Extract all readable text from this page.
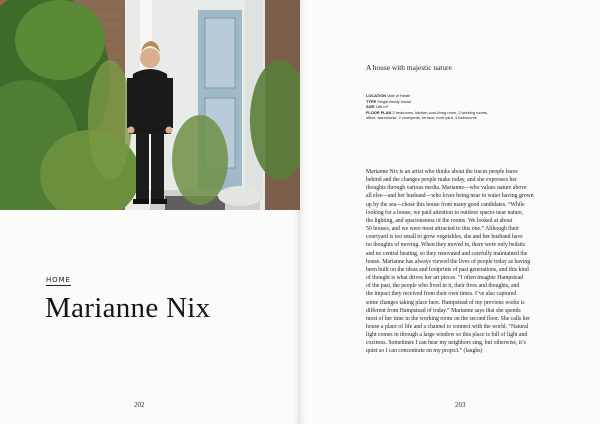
HOME
Marianne Nix
202
A house with majestic nature
LOCATION Vale of Heath
TYPE Single-family house
SIZE 186 m²
FLOOR PLAN 2 bedrooms, kitchen-cum-living room, 2 working rooms,
office, warehouse, 2 courtyards, terrace, front yard, 3 bathrooms
Marianne Nix is an artist who thinks about the traces people leave
behind and the changes people make today, and she expresses her
thoughts through various media. Marianne—who values nature above
all else—and her husband—who loves being near to water having grown
up by the sea—chose this house from many good candidates. “While
looking for a house, we paid attention to outdoor spaces near nature,
the lighting, and spaciousness of the rooms. We looked at about
50 houses, and we were most attracted to this one.” Although their
courtyard is too small to grow vegetables, she and her husband have
no thoughts of moving. When they moved in, there were only bedsits
and no central heating, so they renovated and carefully maintained the
house. Marianne has always viewed the lives of people today as having
been built on the ideas and footprints of past generations, and this kind
of thought is what drives her art pieces. “I often imagine Hampstead
of the past, the people who lived in it, their lives and thoughts, and
the impact they received from their own times. I’ve also captured
some changes taking place here. Hampstead of my previous works is
different from Hampstead of today.” Marianne says that she spends
most of her time in the working room on the second floor. She calls her
house a place of life and a channel to connect with the world. “Natural
light comes in through a large window so this place is full of light and
coziness. Sometimes I can hear my neighbors sing, but otherwise, it’s
quiet so I can concentrate on my project.” (laughs)
203
